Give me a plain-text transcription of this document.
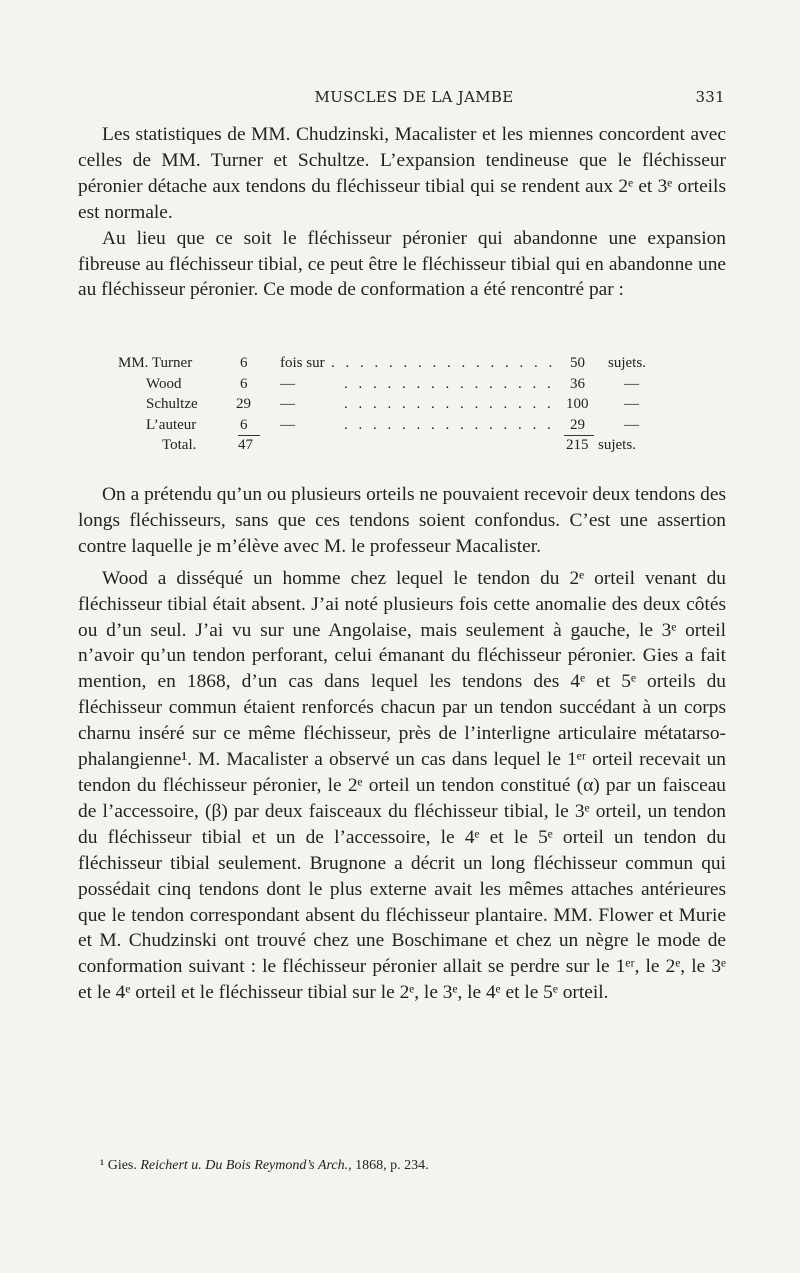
MUSCLES DE LA JAMBE	331

Les statistiques de MM. Chudzinski, Macalister et les miennes concordent avec celles de MM. Turner et Schultze. L’expansion tendineuse que le fléchisseur péronier détache aux tendons du fléchisseur tibial qui se rendent aux 2ᵉ et 3ᵉ orteils est normale.

Au lieu que ce soit le fléchisseur péronier qui abandonne une expansion fibreuse au fléchisseur tibial, ce peut être le fléchisseur tibial qui en abandonne une au fléchisseur péronier. Ce mode de conformation a été rencontré par :

MM. Turner	6 fois sur . . . . . . . . . . . . . . . . 50 sujets.
Wood	6 —	. . . . . . . . . . . . . . . 36	—
Schultze	29 —	. . . . . . . . . . . . . . . 100 —
L’auteur	6 —	. . . . . . . . . . . . . . . 29	—
Total.	47	215 sujets.

On a prétendu qu’un ou plusieurs orteils ne pouvaient recevoir deux tendons des longs fléchisseurs, sans que ces tendons soient confondus. C’est une assertion contre laquelle je m’élève avec M. le professeur Macalister.

Wood a disséqué un homme chez lequel le tendon du 2ᵉ orteil venant du fléchisseur tibial était absent. J’ai noté plusieurs fois cette anomalie des deux côtés ou d’un seul. J’ai vu sur une Angolaise, mais seulement à gauche, le 3ᵉ orteil n’avoir qu’un tendon perforant, celui émanant du fléchisseur péronier. Gies a fait mention, en 1868, d’un cas dans lequel les tendons des 4ᵉ et 5ᵉ orteils du fléchisseur commun étaient renforcés chacun par un tendon succédant à un corps charnu inséré sur ce même fléchisseur, près de l’interligne articulaire métatarso-phalangienne¹. M. Macalister a observé un cas dans lequel le 1ᵉʳ orteil recevait un tendon du fléchisseur péronier, le 2ᵉ orteil un tendon constitué (α) par un faisceau de l’accessoire, (β) par deux faisceaux du fléchisseur tibial, le 3ᵉ orteil, un tendon du fléchisseur tibial et un de l’accessoire, le 4ᵉ et le 5ᵉ orteil un tendon du fléchisseur tibial seulement. Brugnone a décrit un long fléchisseur commun qui possédait cinq tendons dont le plus externe avait les mêmes attaches antérieures que le tendon correspondant absent du fléchisseur plantaire. MM. Flower et Murie et M. Chudzinski ont trouvé chez une Boschimane et chez un nègre le mode de conformation suivant : le fléchisseur péronier allait se perdre sur le 1ᵉʳ, le 2ᵉ, le 3ᵉ et le 4ᵉ orteil et le fléchisseur tibial sur le 2ᵉ, le 3ᵉ, le 4ᵉ et le 5ᵉ orteil.

¹ Gies. Reichert u. Du Bois Reymond’s Arch., 1868, p. 234.
